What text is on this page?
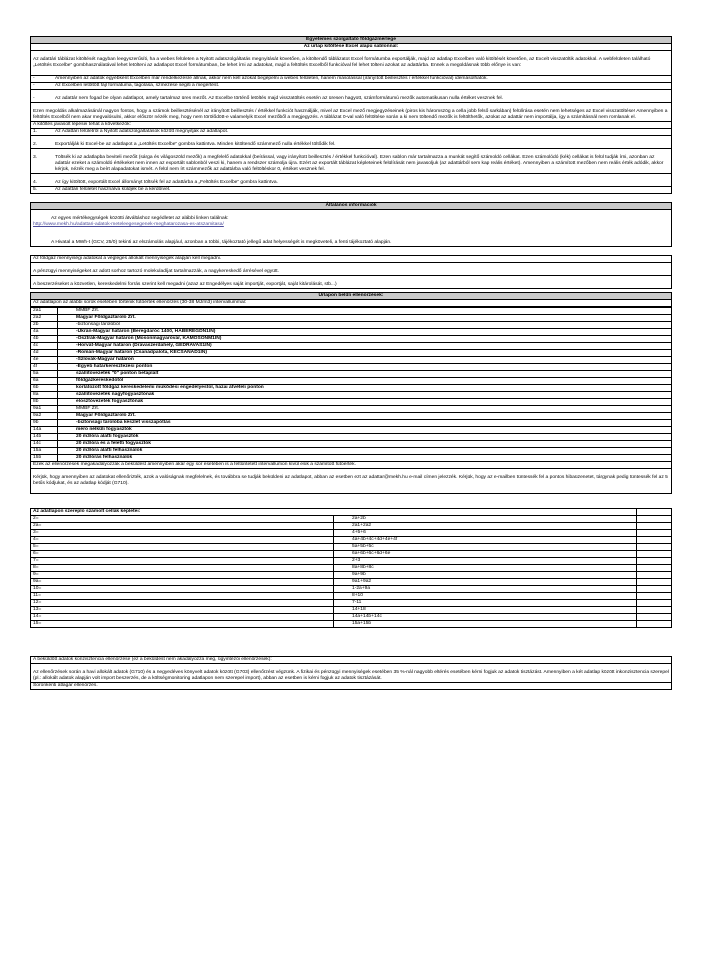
Egyetemes szolgáltató földgázmérlege
Az űrlap kitöltése Excel alapú sablonnal:

Az adattári táblázat kitöltését nagyban leegyszerűsíti, ha a webes felületen a Nyitott adatszolgáltatás megnyitását követően, a kitöltendő táblázatot Excel formátumba exportálják, majd az adatlap Excelben való kitöltését követően, az Excelt visszatöltik adatokkal. A webfelületen található „Letöltés Excelbe” gombhasználatával lehet letölteni az adatlapot Excel formátumban, be lehet írni az adatokat, majd a feltöltés Excelből funkcióval fel lehet tölteni azokat az adattárba. Ennek a megoldásnak több előnye is van:

-	Amennyiben az adatok egyébként Excelben már rendelkezésre állnak, akkor nem kell azokat begépelni a webes felületen, hanem másolással (irányított beillesztés / értékkel funkcióval) idemásolhatók.
-	Az Excelben letöltött fájl formátuma, tagolása, színezése segíti a megértést.
-	Az adattár nem fogad be olyan adatlapot, amely tartalmaz üres mezőt. Az Excelbe történő letöltés majd visszatöltés esetén az üresen hagyott, számformátumú mezők automatikusan nulla értéket vesznek fel.

Ezen megoldás alkalmazásánál nagyon fontos, hogy a számok beillesztésénél az irányított beillesztés / értékkel funkciót használják, mivel az Excel mező megjegyzéseinek (piros kis háromszög a cella jobb felső sarkában) felülírása esetén nem lehetséges az Excel visszatöltése! Amennyiben a feltöltés Excelből nem akar megvalósulni, akkor először nézék meg, hogy nem törölődött-e valamelyik Excel mezőből a megjegyzés. A táblázat 0-val való feltöltése során a ki nem töltendő mezők is feltölthetők, azokat az adattár nem importálja, így a számításnál nem romlanak el.

A kitöltés javasolt lépései tehát a következők:
1.	Az Adattári felületről a Nyitott adatszolgáltatások között megnyitják az adatlapot.
2.	Exportálják ki Excel-be az adatlapot a „Letöltés Excelbe” gombra kattintva. Minden kitöltendő számmező nulla értékkel töltődik fel.
3.	Töltsék ki az adatlapba beviteli mezőit (sárga és világoszöld mezők) a megfelelő adatokkal (beírással, vagy irányított beillesztés / értékkel funkcióval). Ezen sablon már tartalmazza a munkát segítő számoldó cellákat. Ezen számolódó (kék) cellákat is felül tudják írni, azonban az adattár ezeket a számoldó értékeket nem innen az exportált sablonból veszi ki, hanem a rendszer számolja újra. Ezért az exportált táblázat képleteinek felülírását nem javasoljuk (az adattárból sem kap reális értéket). Amennyiben a számított mezőben nem reális érték adódik, akkor kérjük, nézék meg a beírt alapadatokat ismét. A felül nem írt számmezők az adattárba való feltöltéskor 0, értéket vesznek fel.
4.	Az így kitöltött, exportált Excel állományt töltsék fel az adattárba a „Feltöltés Excelbe” gombra kattintva.
5.	Az adattári felületet használva küldjék be a kérdőívet.
Általános információk

Az egyes mértékegységek közötti átváltáshoz segédletet az alábbi linken találnak:

http://www.mekh.hu/adattari-adatok-meteleegesegenek-meghatarozasa-es-atszamitasa/

A Hivatal a MWh-t (GCV, 25/0) tekinti az elszámolás alapjául, azonban a többi, tájékoztató jellegű adat helyességét is megköveteli, a fenti tájékoztató alapján.

Az földgáz mennyiségi adatokat a végleges allokált mennyiségek alapján kell megadni.

A pénzügyi mennyiségeket az adott sorhoz tartozó molekuladíjat tartalmazzák, a nagykereskedő árrésével együtt.

A beszerzéseket a közvetlen, kereskedelmi forrás szerint kell megadni (azaz az Engedélyes saját importját, exportját, saját kitárolását, stb...)

Űrlapon belüli ellenőrzések:
Az adatlapon az alábbi sorok esetében történik fűtőérték ellenőrzés (30-38 MJ/m3) intervallummal:
2a1	MMBF Zrt.
2a2	Magyar Földgáztároló Zrt.
2b	-biztonsági tárolóból
4a	-Ukrán-Magyar határon (Beregdaróc 1400, HABEREGDN1IN)
4b	-Osztrák-Magyar határon (Mosonmagyaróvár, KAMOSONM1IN)
4c	-Horvát-Magyar határon (Drávaszerdahely, GEDRAVAS1IN)
4d	-Román-Magyar határon (Csanádpalota, KECSANAD1IN)
4e	-Szlovák-Magyar határon
4f	-Egyéb határkeresztezési ponton
5a	szállítóvezeték "0" ponton betáplált
6a	földgázkereskedőtől
6b	korlátozott földgáz kereskedelemi működési engedélyestől, hazai átvételi ponton
8a	szállítóvezeték nagyfogyasztónak
8b	elosztóvezeték fogyasztónak
9a1	MMBF Zrt.
9a2	Magyar Földgáztároló Zrt.
9b	-biztonsági tárolóba készlet visszapótlás
14a	mérő nélküli fogyasztók
14b	20 m3/óra alatti fogyasztók
14c	20 m3/óra és a feletti fogyasztók
15a	20 m3/óra alatti felhasználók
15b	20 m3/órás felhasználók
Ezek az ellenőrzések megakadályozzák a beküldést amennyiben akár egy sor esetében is a feltüntetett intervallumon kívül esik a számított fűtőérték.

Kérjük, hogy amennyiben az adatokat ellenőrizték, azok a valóságnak megfelelnek, és továbbra se tudják beküldeni az adatlapot, abban az esetben ezt az adattar@mekh.hu e-mail címen jelezzék. Kérjük, hogy az e-mailben tüntessék fel a pontos hibaüzenetet, tárgynak pedig tüntessék fel az 5 betűs kódjukat, és az adatlap kódját (G710).

Az adatlapon szereplő számolt cellák képletei:		
2=	2a+2b	
2a=	2a1+2a2	
3=	4+5+6	
4=	4a+4b+4c+4d+4e+4f	
5=	5a+5b+5c	
6=	6a+6b+6c+6d+6e	
7=	2+3	
8=	8a+8b+8c	
9=	9a+9b	
9a=	9a1+9a2	
10=	1-2a+9a	
11=	8+10	
12=	7-11	
13=	14+18	
14=	14a+14b+14c	
15=	15a+15b	
A beküldött adatok konzisztencia ellenőrzése (ez a beküldést nem akadályozza meg, ügyintézői ellenőrzések):

Az ellenőrzések során a havi allokált adatok (G710) és a negyedéves könyvelt adatok között (G703) ellenőrzést végzünk. A fizikai és pénzügyi mennyiségek esetében 35 %-nál nagyobb eltérés esetében kérni fogjuk az adatok tisztázást. Amennyiben a két adatlap között inkonzisztencia szerepel (pl.: allokált adatok alapján volt import beszerzés, de a költségmonitoring adatlapon nem szerepel import), abban az esetben is kérni fogjuk az adatok tisztázását.

Soronkénti átlagár ellenőrzés.
